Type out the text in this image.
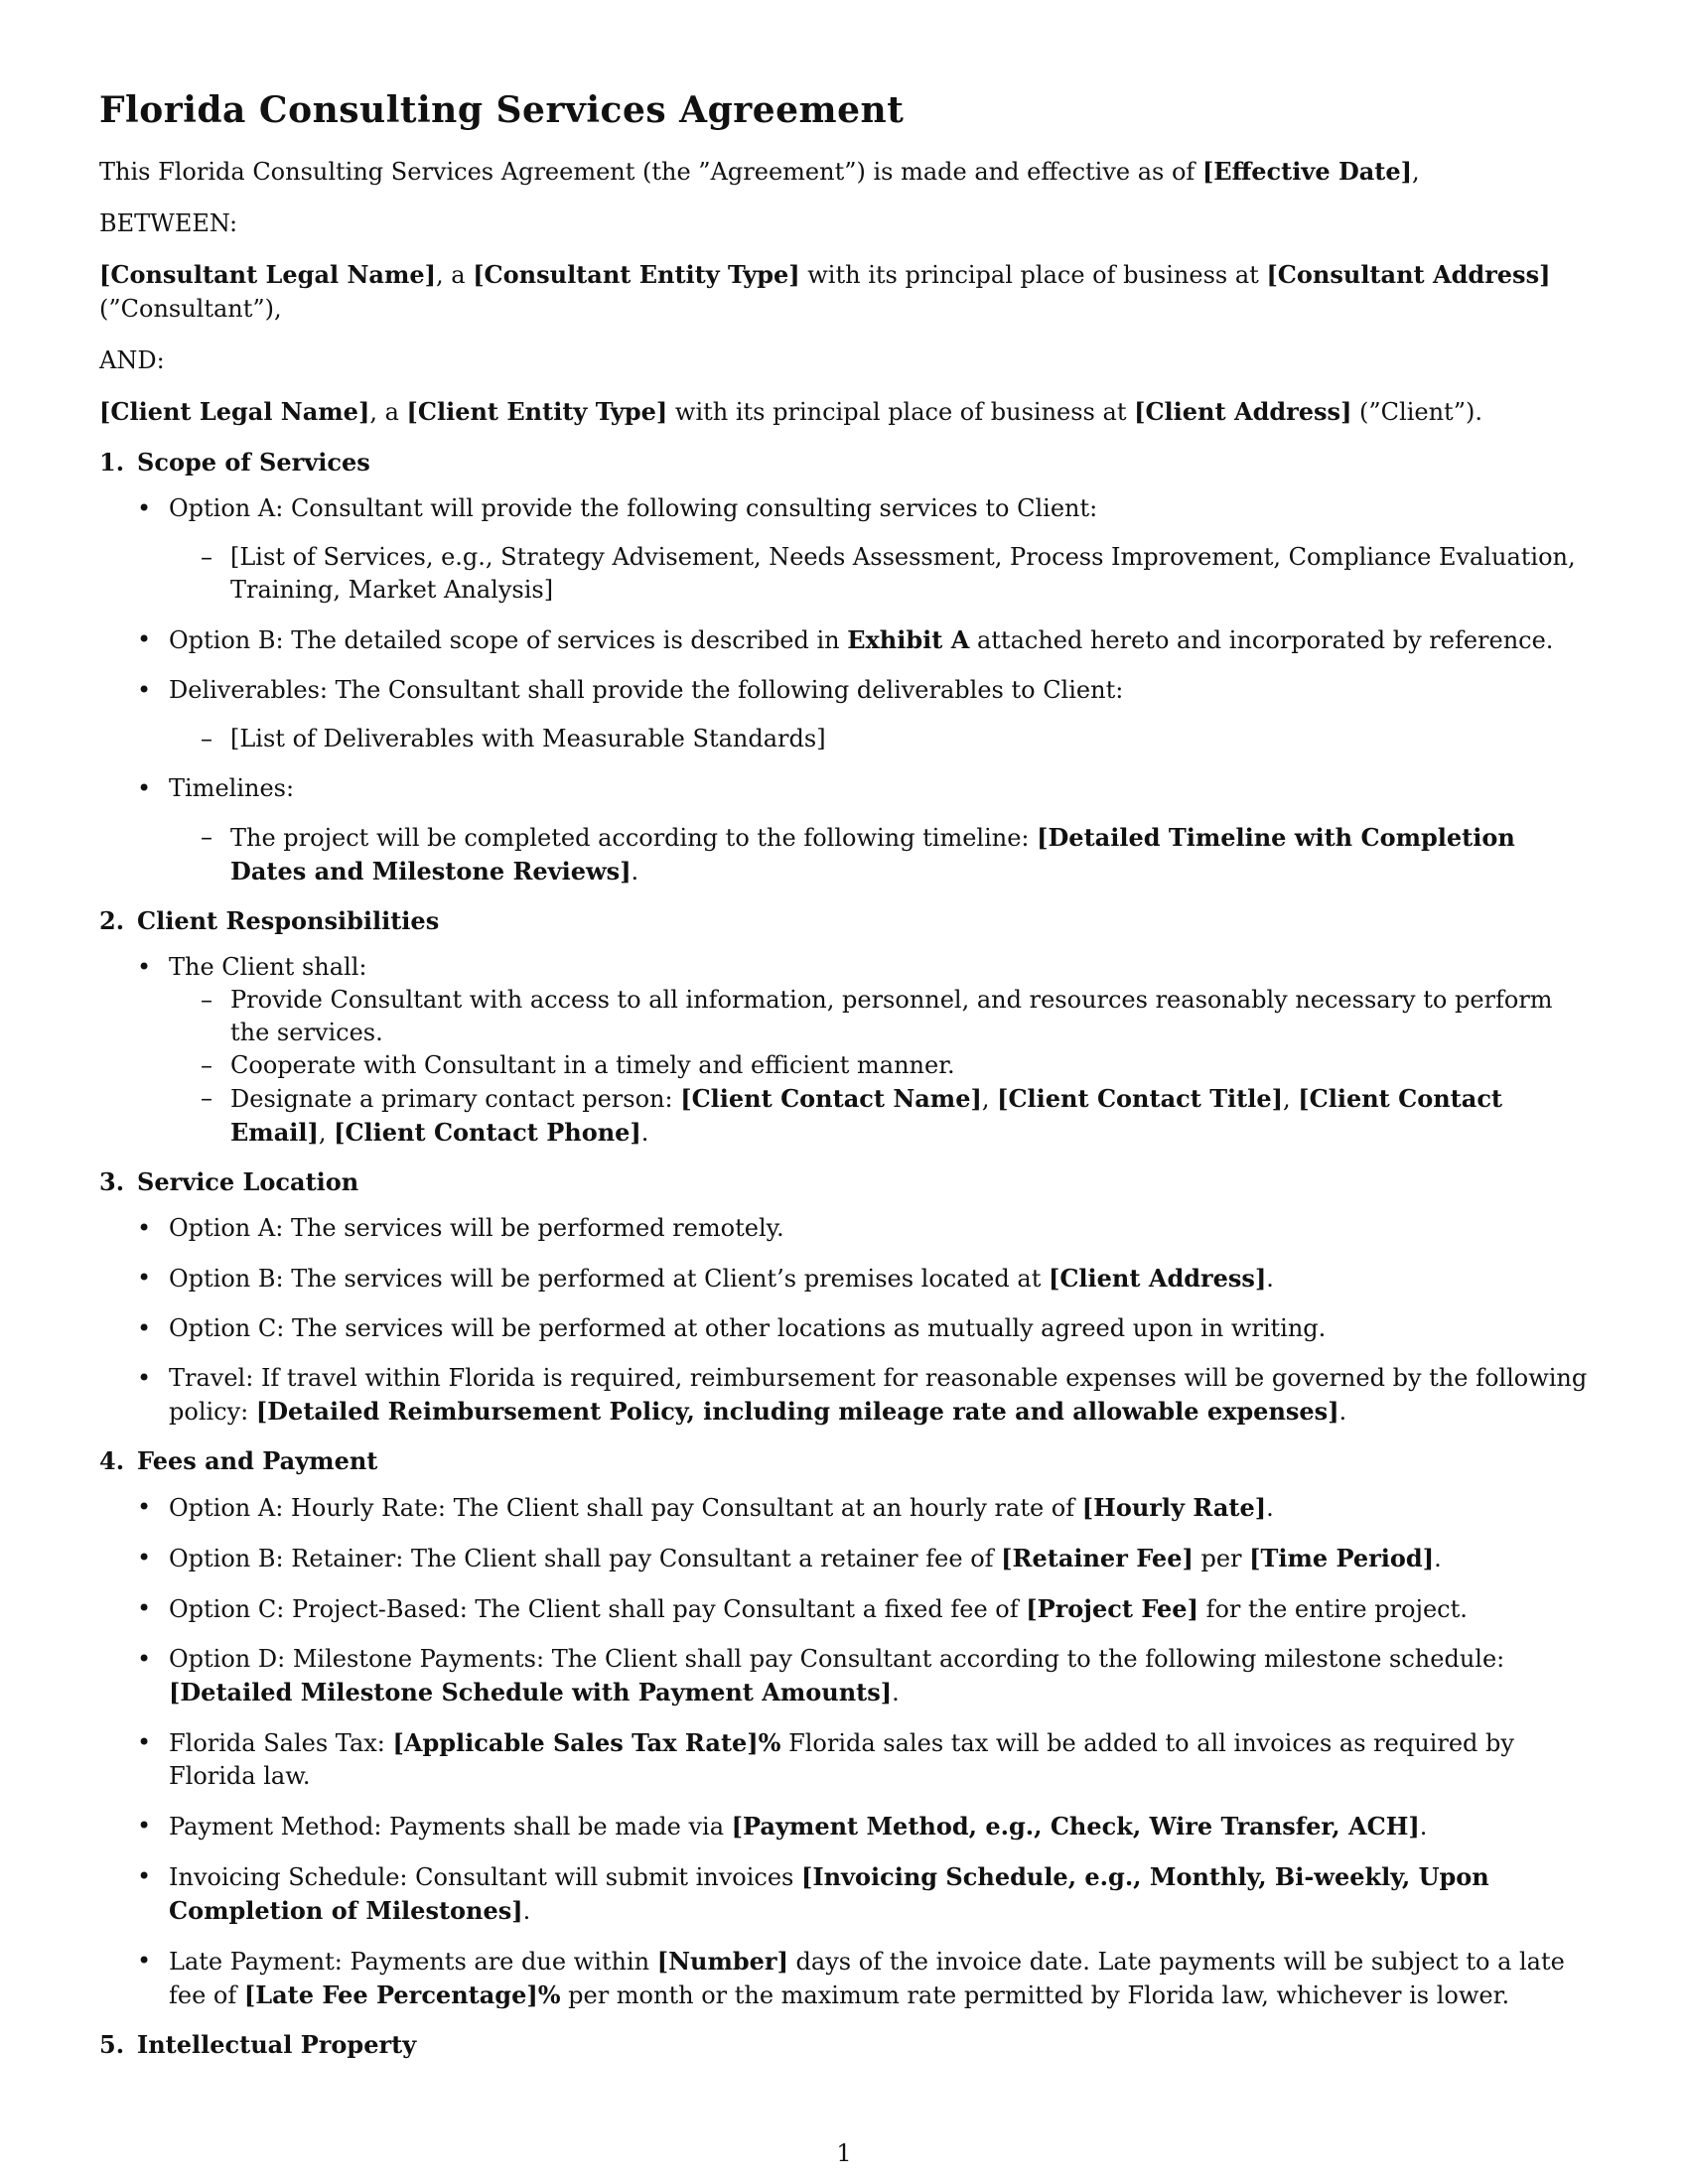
Florida Consulting Services Agreement

This Florida Consulting Services Agreement (the ”Agreement”) is made and effective as of [Effective Date],

BETWEEN:

[Consultant Legal Name], a [Consultant Entity Type] with its principal place of business at [Consultant Address] (”Consultant”),

AND:

[Client Legal Name], a [Client Entity Type] with its principal place of business at [Client Address] (”Client”).

1. Scope of Services
• Option A: Consultant will provide the following consulting services to Client:
– [List of Services, e.g., Strategy Advisement, Needs Assessment, Process Improvement, Compliance Evaluation, Training, Market Analysis]
• Option B: The detailed scope of services is described in Exhibit A attached hereto and incorporated by reference.
• Deliverables: The Consultant shall provide the following deliverables to Client:
– [List of Deliverables with Measurable Standards]
• Timelines:
– The project will be completed according to the following timeline: [Detailed Timeline with Completion Dates and Milestone Reviews].
2. Client Responsibilities
• The Client shall:
– Provide Consultant with access to all information, personnel, and resources reasonably necessary to perform the services.
– Cooperate with Consultant in a timely and efficient manner.
– Designate a primary contact person: [Client Contact Name], [Client Contact Title], [Client Contact Email], [Client Contact Phone].
3. Service Location
• Option A: The services will be performed remotely.
• Option B: The services will be performed at Client’s premises located at [Client Address].
• Option C: The services will be performed at other locations as mutually agreed upon in writing.
• Travel: If travel within Florida is required, reimbursement for reasonable expenses will be governed by the following policy: [Detailed Reimbursement Policy, including mileage rate and allowable expenses].
4. Fees and Payment
• Option A: Hourly Rate: The Client shall pay Consultant at an hourly rate of [Hourly Rate].
• Option B: Retainer: The Client shall pay Consultant a retainer fee of [Retainer Fee] per [Time Period].
• Option C: Project-Based: The Client shall pay Consultant a fixed fee of [Project Fee] for the entire project.
• Option D: Milestone Payments: The Client shall pay Consultant according to the following milestone schedule: [Detailed Milestone Schedule with Payment Amounts].
• Florida Sales Tax: [Applicable Sales Tax Rate]% Florida sales tax will be added to all invoices as required by Florida law.
• Payment Method: Payments shall be made via [Payment Method, e.g., Check, Wire Transfer, ACH].
• Invoicing Schedule: Consultant will submit invoices [Invoicing Schedule, e.g., Monthly, Bi-weekly, Upon Completion of Milestones].
• Late Payment: Payments are due within [Number] days of the invoice date. Late payments will be subject to a late fee of [Late Fee Percentage]% per month or the maximum rate permitted by Florida law, whichever is lower.
5. Intellectual Property
1
